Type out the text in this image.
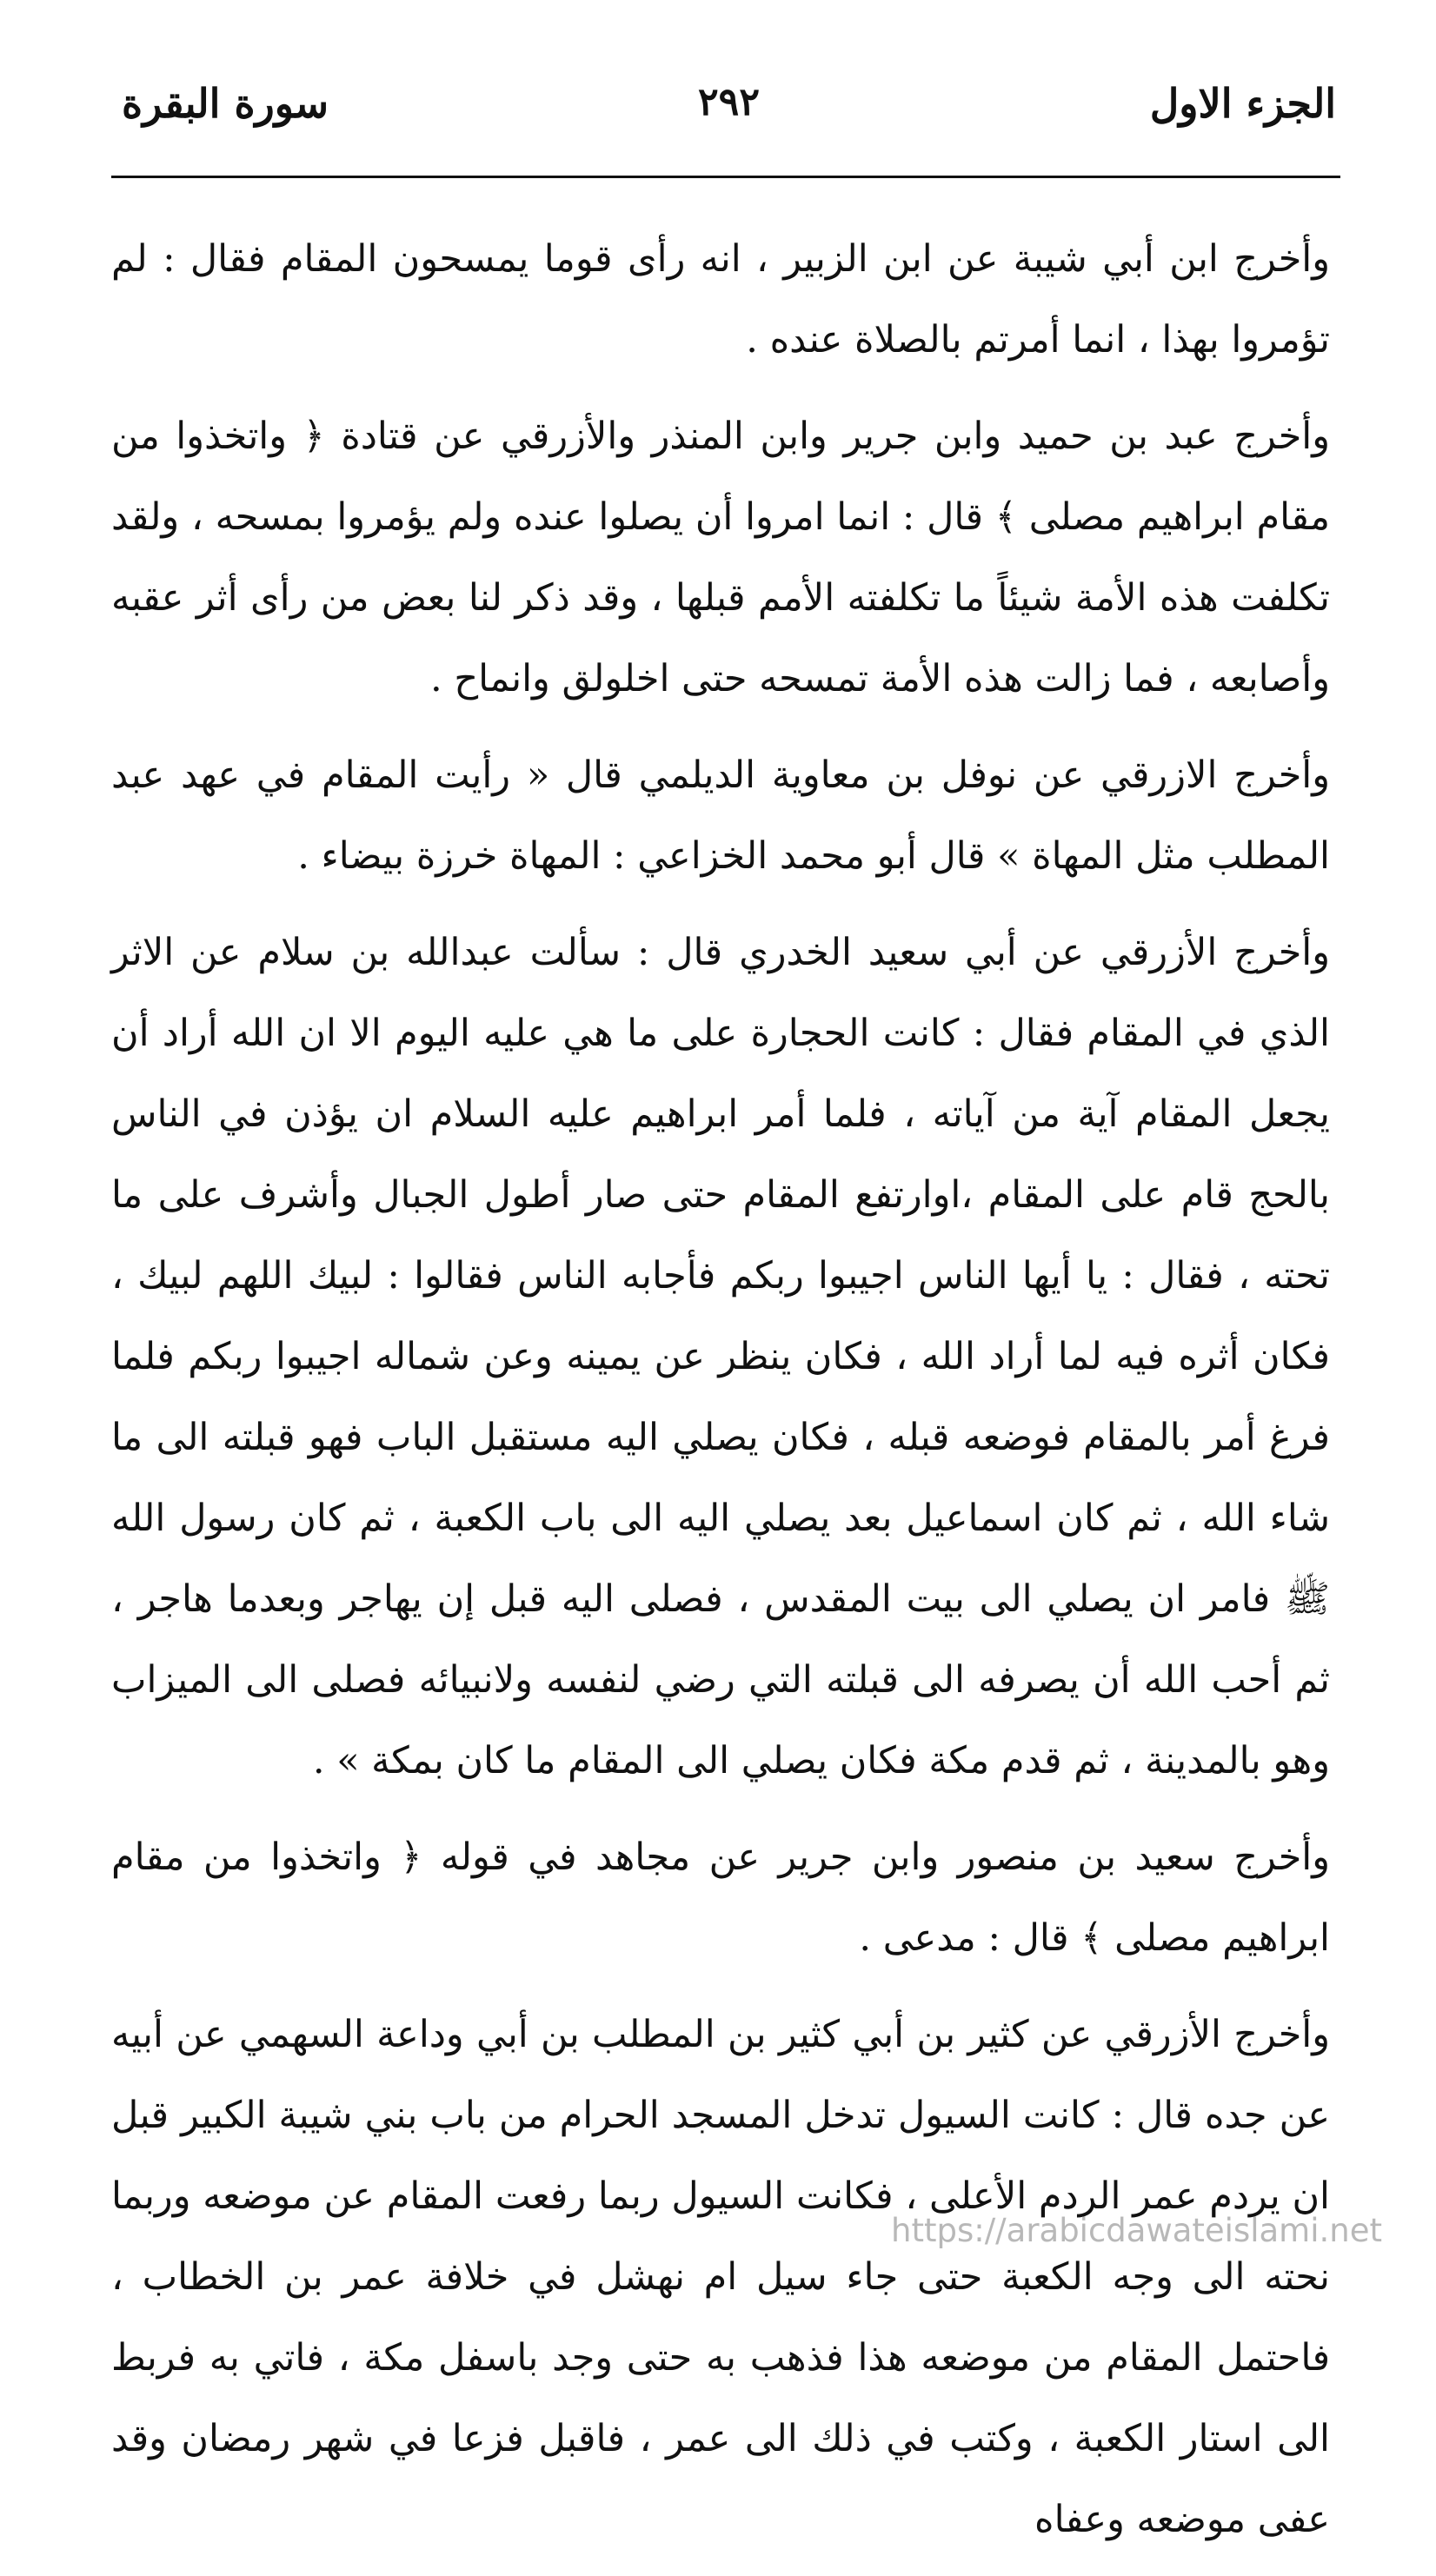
الجزء الاول
٢٩٢
سورة البقرة

وأخرج ابن أبي شيبة عن ابن الزبير ، انه رأى قوما يمسحون المقام فقال : لم تؤمروا بهذا ، انما أمرتم بالصلاة عنده .

وأخرج عبد بن حميد وابن جرير وابن المنذر والأزرقي عن قتادة ﴿ واتخذوا من مقام ابراهيم مصلى ﴾ قال : انما امروا أن يصلوا عنده ولم يؤمروا بمسحه ، ولقد تكلفت هذه الأمة شيئاً ما تكلفته الأمم قبلها ، وقد ذكر لنا بعض من رأى أثر عقبه وأصابعه ، فما زالت هذه الأمة تمسحه حتى اخلولق وانماح .

وأخرج الازرقي عن نوفل بن معاوية الديلمي قال « رأيت المقام في عهد عبد المطلب مثل المهاة » قال أبو محمد الخزاعي : المهاة خرزة بيضاء .

وأخرج الأزرقي عن أبي سعيد الخدري قال : سألت عبدالله بن سلام عن الاثر الذي في المقام فقال : كانت الحجارة على ما هي عليه اليوم الا ان الله أراد أن يجعل المقام آية من آياته ، فلما أمر ابراهيم عليه السلام ان يؤذن في الناس بالحج قام على المقام ،اوارتفع المقام حتى صار أطول الجبال وأشرف على ما تحته ، فقال : يا أيها الناس اجيبوا ربكم فأجابه الناس فقالوا : لبيك اللهم لبيك ، فكان أثره فيه لما أراد الله ، فكان ينظر عن يمينه وعن شماله اجيبوا ربكم فلما فرغ أمر بالمقام فوضعه قبله ، فكان يصلي اليه مستقبل الباب فهو قبلته الى ما شاء الله ، ثم كان اسماعيل بعد يصلي اليه الى باب الكعبة ، ثم كان رسول الله ﷺ فامر ان يصلي الى بيت المقدس ، فصلى اليه قبل إن يهاجر وبعدما هاجر ، ثم أحب الله أن يصرفه الى قبلته التي رضي لنفسه ولانبيائه فصلى الى الميزاب وهو بالمدينة ، ثم قدم مكة فكان يصلي الى المقام ما كان بمكة » .

وأخرج سعيد بن منصور وابن جرير عن مجاهد في قوله ﴿ واتخذوا من مقام ابراهيم مصلى ﴾ قال : مدعى .

وأخرج الأزرقي عن كثير بن أبي كثير بن المطلب بن أبي وداعة السهمي عن أبيه عن جده قال : كانت السيول تدخل المسجد الحرام من باب بني شيبة الكبير قبل ان يردم عمر الردم الأعلى ، فكانت السيول ربما رفعت المقام عن موضعه وربما نحته الى وجه الكعبة حتى جاء سيل ام نهشل في خلافة عمر بن الخطاب ، فاحتمل المقام من موضعه هذا فذهب به حتى وجد باسفل مكة ، فاتي به فربط الى استار الكعبة ، وكتب في ذلك الى عمر ، فاقبل فزعا في شهر رمضان وقد عفى موضعه وعفاه

https://arabicdawateislami.net
